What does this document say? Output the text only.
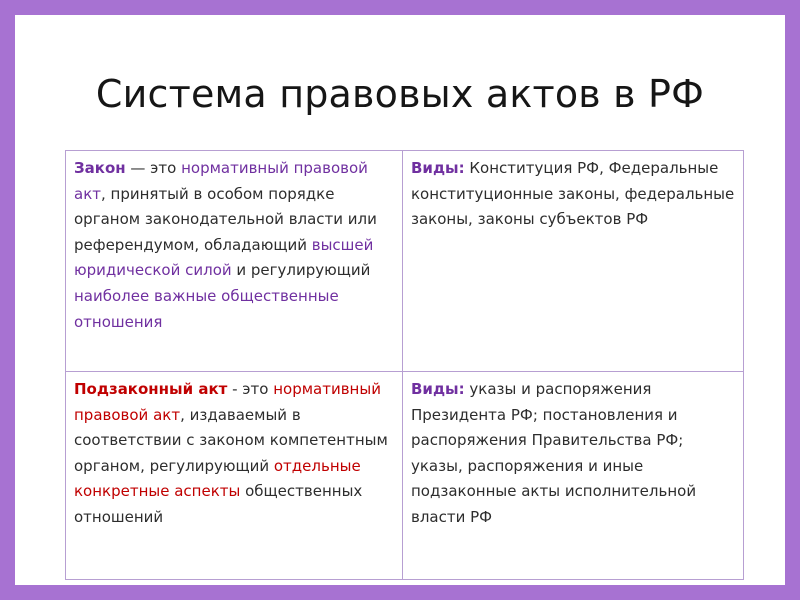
Система правовых актов в РФ
Закон — это нормативный правовой акт, принятый в особом порядке органом законодательной власти или референдумом, обладающий высшей юридической силой и регулирующий наиболее важные общественные отношения	Виды: Конституция РФ, Федеральные конституционные законы, федеральные законы, законы субъектов РФ
Подзаконный акт - это нормативный правовой акт, издаваемый в соответствии с законом компетентным органом, регулирующий отдельные конкретные аспекты общественных отношений	Виды: указы и распоряжения Президента РФ; постановления и распоряжения Правительства РФ; указы, распоряжения и иные подзаконные акты исполнительной власти РФ
